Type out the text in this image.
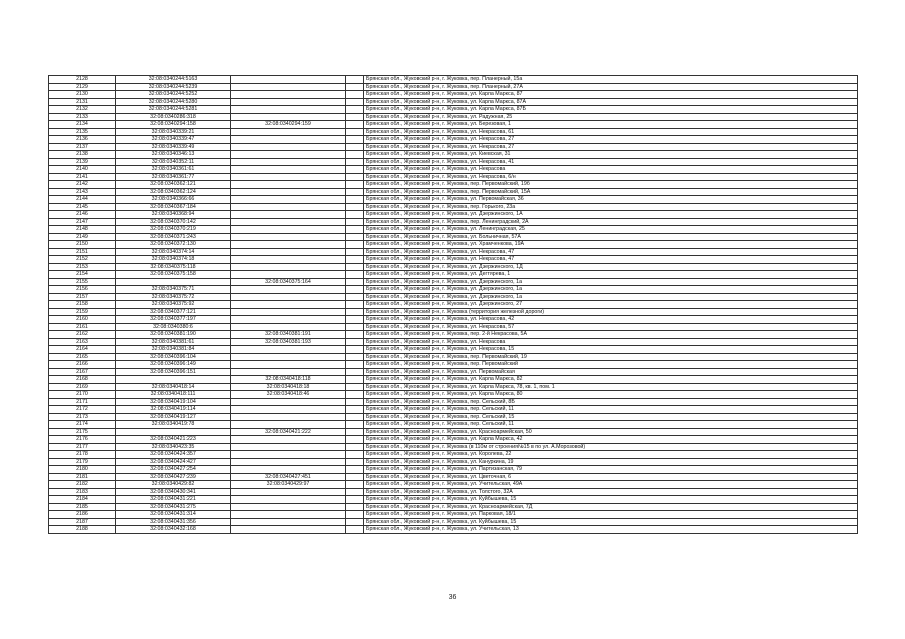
2128	32:08:0340244:5163			Брянская обл., Жуковский р-н, г. Жуковка, пер. Планерный, 15а
2129	32:08:0340244:5239			Брянская обл., Жуковский р-н, г. Жуковка, пер. Планерный, 27А
2130	32:08:0340244:5252			Брянская обл., Жуковский р-н, г. Жуковка, ул. Карла Маркса, 87
2131	32:08:0340244:5280			Брянская обл., Жуковский р-н, г. Жуковка, ул. Карла Маркса, 87А
2132	32:08:0340244:5281			Брянская обл., Жуковский р-н, г. Жуковка, ул. Карла Маркса, 87Б
2133	32:08:0340286:318			Брянская обл., Жуковский р-н, г. Жуковка, ул. Радужная, 25
2134	32:08:0340294:158	32:08:0340294:159		Брянская обл., Жуковский р-н, г. Жуковка, ул. Березовая, 1
2135	32:08:0340339:21			Брянская обл., Жуковский р-н, г. Жуковка, ул. Некрасова, 61
2136	32:08:0340339:47			Брянская обл., Жуковский р-н, г. Жуковка, ул. Некрасова, 27
2137	32:08:0340339:49			Брянская обл., Жуковский р-н, г. Жуковка, ул. Некрасова, 27
2138	32:08:0340346:13			Брянская обл., Жуковский р-н, г. Жуковка, ул. Киевская, 31
2139	32:08:0340352:11			Брянская обл., Жуковский р-н, г. Жуковка, ул. Некрасова, 41
2140	32:08:0340361:61			Брянская обл., Жуковский р-н, г. Жуковка, ул. Некрасова
2141	32:08:0340361:77			Брянская обл., Жуковский р-н, г. Жуковка, ул. Некрасова, 6/н
2142	32:08:0340362:121			Брянская обл., Жуковский р-н, г. Жуковка, пер. Первомайский, 19б
2143	32:08:0340362:124			Брянская обл., Жуковский р-н, г. Жуковка, пер. Первомайский, 15А
2144	32:08:0340366:66			Брянская обл., Жуковский р-н, г. Жуковка, ул. Первомайская, 36
2145	32:08:0340367:184			Брянская обл., Жуковский р-н, г. Жуковка, пер. Горького, 23а
2146	32:08:0340368:94			Брянская обл., Жуковский р-н, г. Жуковка, ул. Дзержинского, 1А
2147	32:08:0340370:142			Брянская обл., Жуковский р-н, г. Жуковка, пер. Ленинградский, 2А
2148	32:08:0340370:219			Брянская обл., Жуковский р-н, г. Жуковка, ул. Ленинградская, 25
2149	32:08:0340371:243			Брянская обл., Жуковский р-н, г. Жуковка, ул. Больничная, 57А
2150	32:08:0340372:130			Брянская обл., Жуковский р-н, г. Жуковка, ул. Храмченкова, 19А
2151	32:08:0340374:14			Брянская обл., Жуковский р-н, г. Жуковка, ул. Некрасова, 47
2152	32:08:0340374:18			Брянская обл., Жуковский р-н, г. Жуковка, ул. Некрасова, 47
2153	32:08:0340375:118			Брянская обл., Жуковский р-н, г. Жуковка, ул. Дзержинского, 1Д
2154	32:08:0340375:158			Брянская обл., Жуковский р-н, г. Жуковка, ул. Дегтярева, 1
2155		32:08:0340375:164		Брянская обл., Жуковский р-н, г. Жуковка, ул. Дзержинского, 1а
2156	32:08:0340375:71			Брянская обл., Жуковский р-н, г. Жуковка, ул. Дзержинского, 1а
2157	32:08:0340375:72			Брянская обл., Жуковский р-н, г. Жуковка, ул. Дзержинского, 1а
2158	32:08:0340375:92			Брянская обл., Жуковский р-н, г. Жуковка, ул. Дзержинского, 27
2159	32:08:0340377:121			Брянская обл., Жуковский р-н, г. Жуковка (территория железной дороги)
2160	32:08:0340377:197			Брянская обл., Жуковский р-н, г. Жуковка, ул. Некрасова, 42
2161	32:08:0340380:6			Брянская обл., Жуковский р-н, г. Жуковка, ул. Некрасова, 57
2162	32:08:0340381:190	32:08:0340381:191		Брянская обл., Жуковский р-н, г. Жуковка, пер. 2-й Некрасова, 5А
2163	32:08:0340381:61	32:08:0340381:193		Брянская обл., Жуковский р-н, г. Жуковка, ул. Некрасова
2164	32:08:0340381:84			Брянская обл., Жуковский р-н, г. Жуковка, ул. Некрасова, 15
2165	32:08:0340396:104			Брянская обл., Жуковский р-н, г. Жуковка, пер. Первомайский, 19
2166	32:08:0340396:149			Брянская обл., Жуковский р-н, г. Жуковка, пер. Первомайский
2167	32:08:0340396:151			Брянская обл., Жуковский р-н, г. Жуковка, ул. Первомайская
2168		32:08:0340418:118		Брянская обл., Жуковский р-н, г. Жуковка, ул. Карла Маркса, 82
2169	32:08:0340418:14	32:08:0340418:18		Брянская обл., Жуковский р-н, г. Жуковка, ул. Карла Маркса, 78, кв. 1, пом. 1
2170	32:08:0340418:111	32:08:0340418:46		Брянская обл., Жуковский р-н, г. Жуковка, ул. Карла Маркса, 80
2171	32:08:0340419:104			Брянская обл., Жуковский р-н, г. Жуковка, пер. Сельский, 8Б
2172	32:08:0340419:114			Брянская обл., Жуковский р-н, г. Жуковка, пер. Сельский, 11
2173	32:08:0340419:127			Брянская обл., Жуковский р-н, г. Жуковка, пер. Сельский, 15
2174	32:08:0340419:78			Брянская обл., Жуковский р-н, г. Жуковка, пер. Сельский, 11
2175		32:08:0340421:222		Брянская обл., Жуковский р-н, г. Жуковка, ул. Красноармейская, 50
2176	32:08:0340421:223			Брянская обл., Жуковский р-н, г. Жуковка, ул. Карла Маркса, 42
2177	32:08:0340423:35			Брянская обл., Жуковский р-н, г. Жуковка (в 110м от строения№15 в по ул. А.Морозовой)
2178	32:08:0340424:357			Брянская обл., Жуковский р-н, г. Жуковка, ул. Королева, 22
2179	32:08:0340424:427			Брянская обл., Жуковский р-н, г. Жуковка, ул. Кануркина, 19
2180	32:08:0340427:254			Брянская обл., Жуковский р-н, г. Жуковка, ул. Партизанская, 79
2181	32:08:0340427:239	32:08:0340427:451		Брянская обл., Жуковский р-н, г. Жуковка, ул. Цветочная, 6
2182	32:08:0340429:82	32:08:0340429:97		Брянская обл., Жуковский р-н, г. Жуковка, ул. Учительская, 49А
2183	32:08:0340430:341			Брянская обл., Жуковский р-н, г. Жуковка, ул. Толстого, 32А
2184	32:08:0340431:221			Брянская обл., Жуковский р-н, г. Жуковка, ул. Куйбышева, 15
2185	32:08:0340431:275			Брянская обл., Жуковский р-н, г. Жуковка, ул. Красноармейская, 7Д
2186	32:08:0340431:314			Брянская обл., Жуковский р-н, г. Жуковка, ул. Парковая, 18/1
2187	32:08:0340431:356			Брянская обл., Жуковский р-н, г. Жуковка, ул. Куйбышева, 15
2188	32:08:0340432:168			Брянская обл., Жуковский р-н, г. Жуковка, ул. Учительская, 13
36
